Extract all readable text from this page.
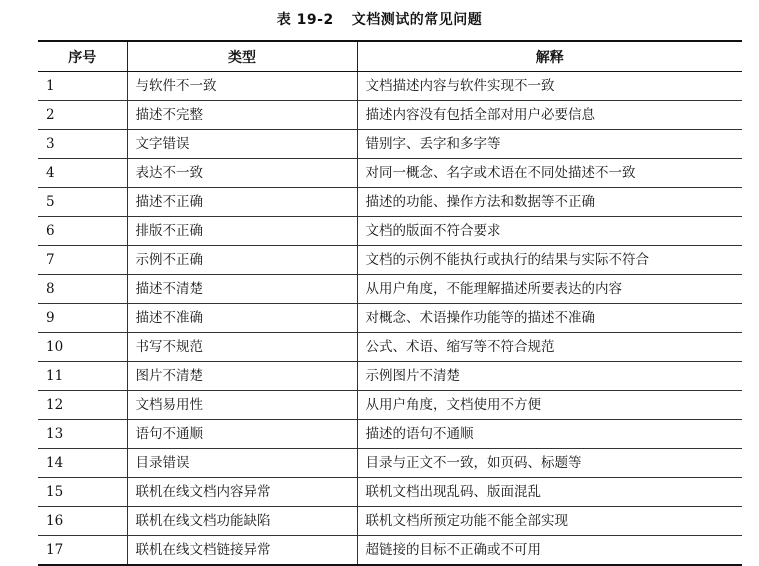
表 19-2 文档测试的常见问题
序号	类型	解释
1	与软件不一致	文档描述内容与软件实现不一致
2	描述不完整	描述内容没有包括全部对用户必要信息
3	文字错误	错别字、丢字和多字等
4	表达不一致	对同一概念、名字或术语在不同处描述不一致
5	描述不正确	描述的功能、操作方法和数据等不正确
6	排版不正确	文档的版面不符合要求
7	示例不正确	文档的示例不能执行或执行的结果与实际不符合
8	描述不清楚	从用户角度，不能理解描述所要表达的内容
9	描述不准确	对概念、术语操作功能等的描述不准确
10	书写不规范	公式、术语、缩写等不符合规范
11	图片不清楚	示例图片不清楚
12	文档易用性	从用户角度，文档使用不方便
13	语句不通顺	描述的语句不通顺
14	目录错误	目录与正文不一致，如页码、标题等
15	联机在线文档内容异常	联机文档出现乱码、版面混乱
16	联机在线文档功能缺陷	联机文档所预定功能不能全部实现
17	联机在线文档链接异常	超链接的目标不正确或不可用
